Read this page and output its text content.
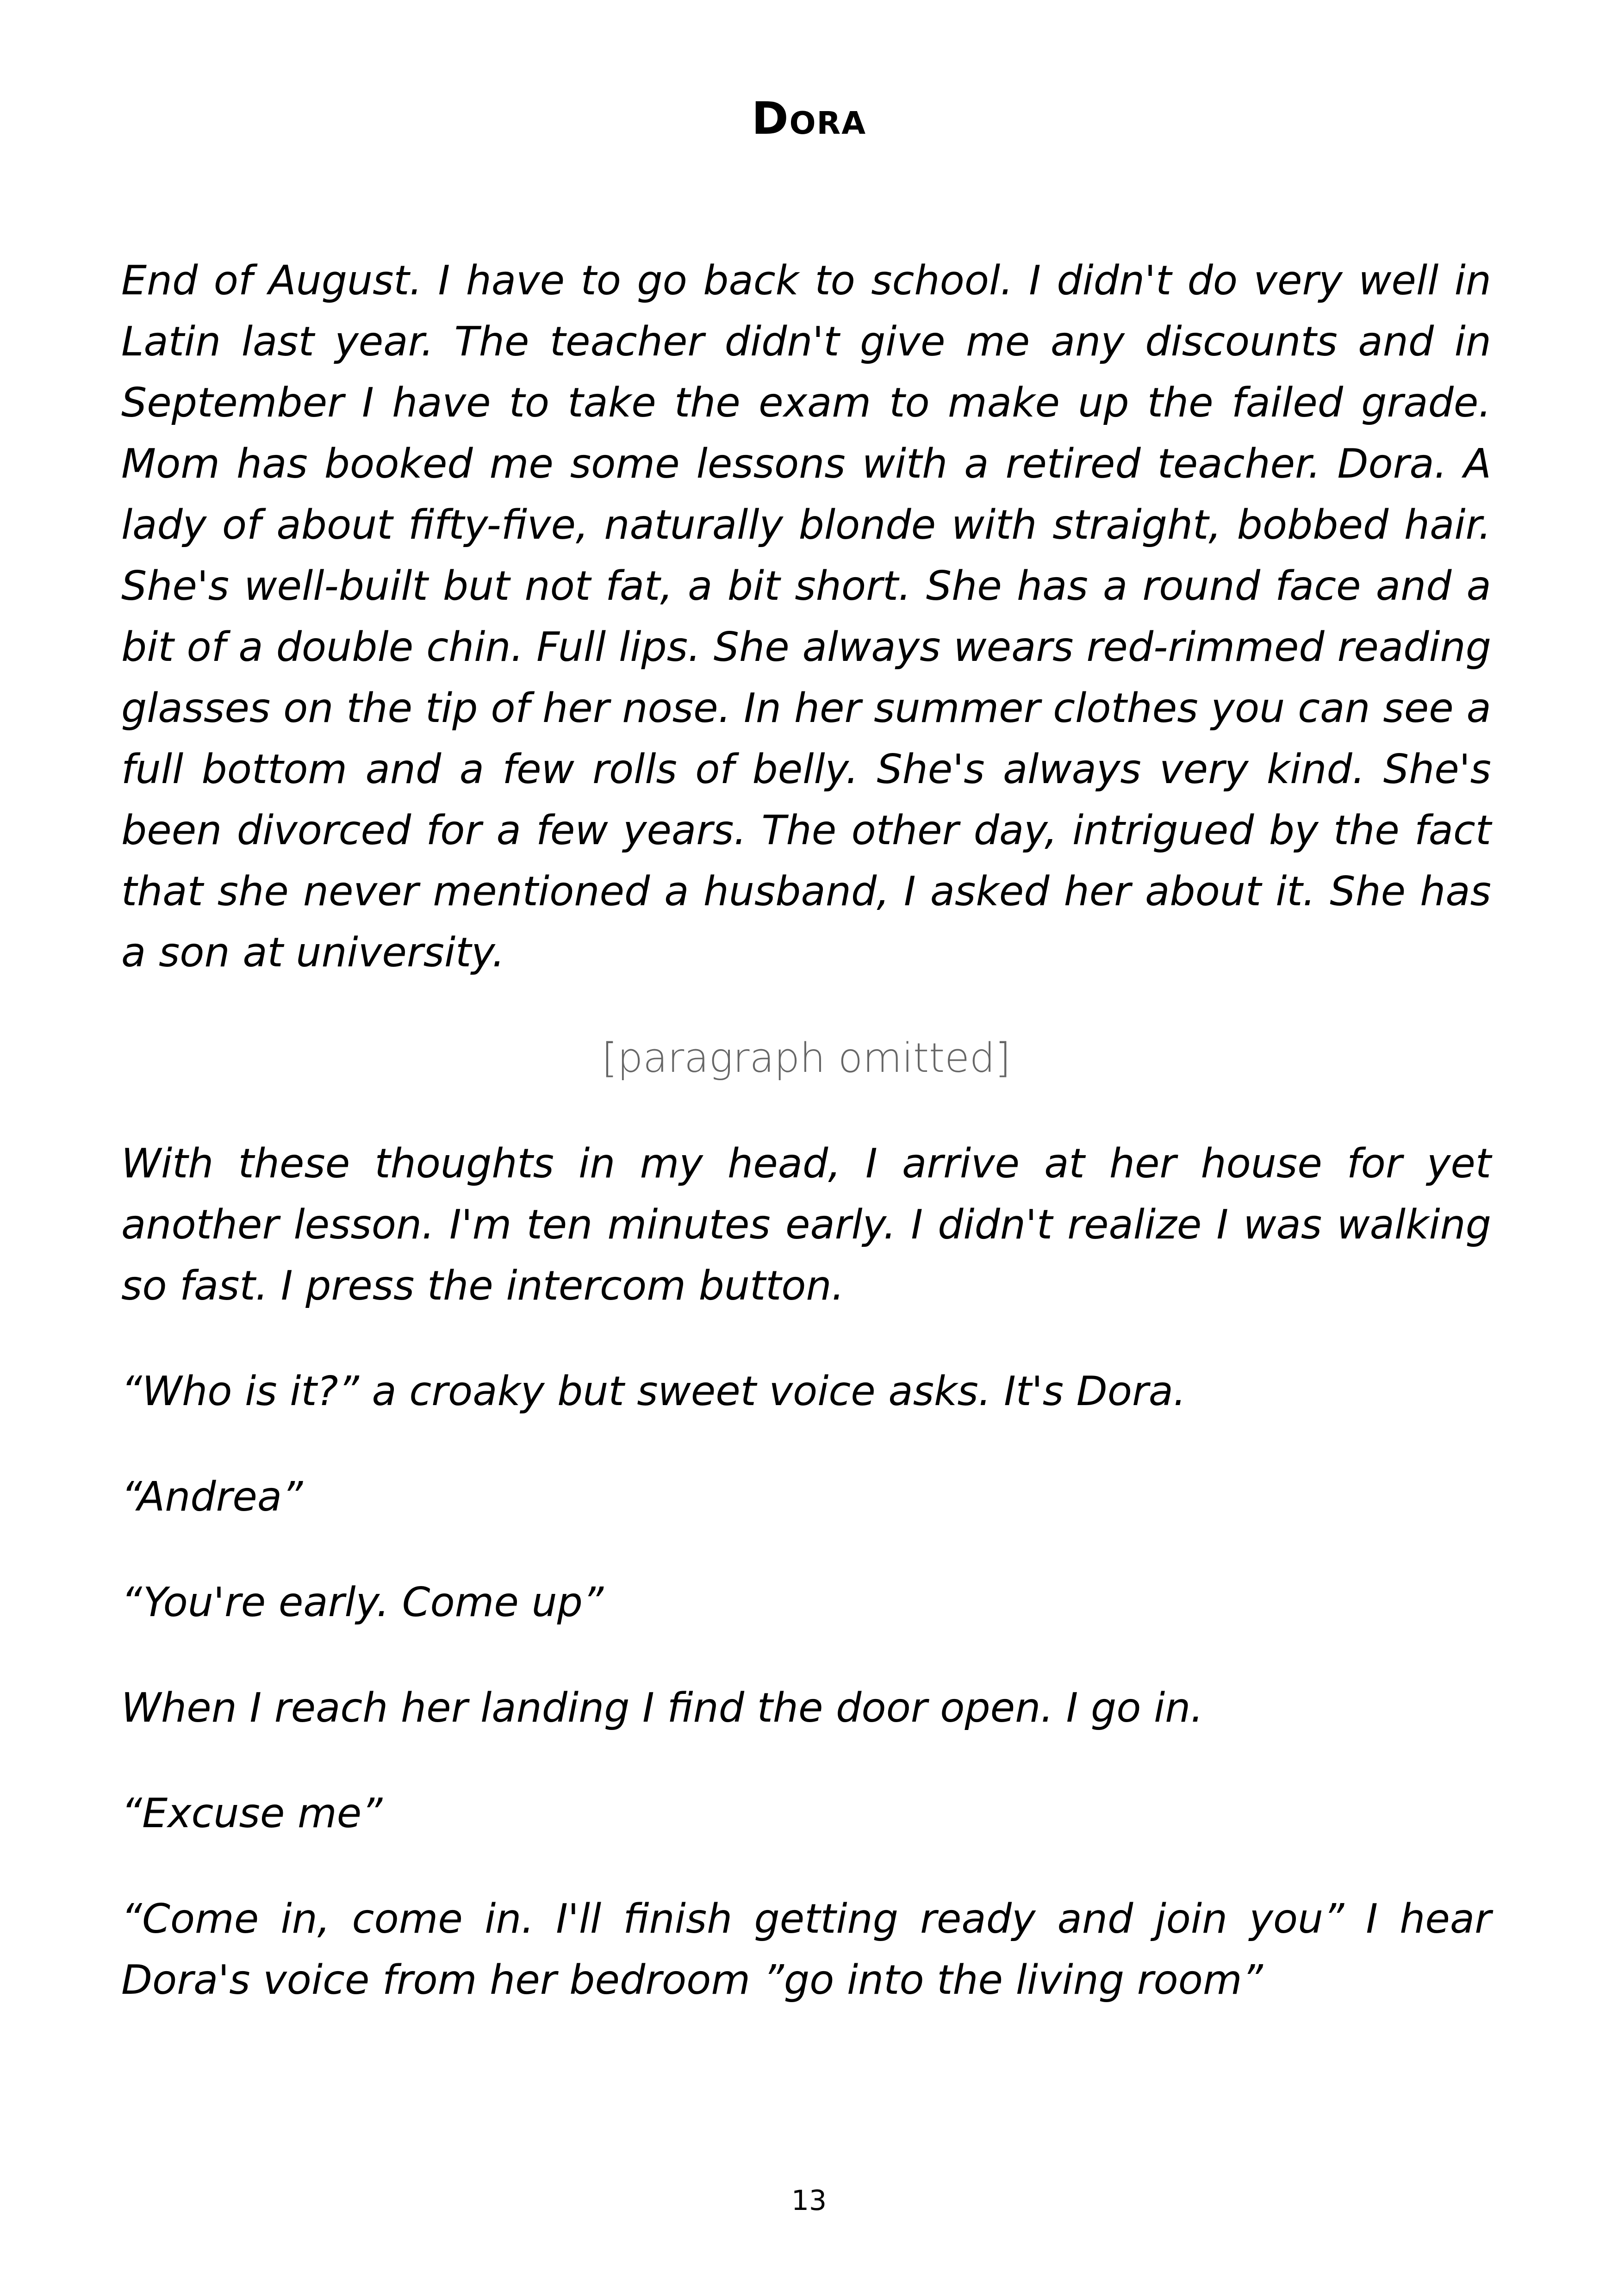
Dora

End of August. I have to go back to school. I didn't do very well in Latin last year. The teacher didn't give me any discounts and in September I have to take the exam to make up the failed grade. Mom has booked me some lessons with a retired teacher. Dora. A lady of about fifty-five, naturally blonde with straight, bobbed hair. She's well-built but not fat, a bit short. She has a round face and a bit of a double chin. Full lips. She always wears red-rimmed reading glasses on the tip of her nose. In her summer clothes you can see a full bottom and a few rolls of belly. She's always very kind. She's been divorced for a few years. The other day, intrigued by the fact that she never mentioned a husband, I asked her about it. She has a son at university.

[paragraph omitted]

With these thoughts in my head, I arrive at her house for yet another lesson. I'm ten minutes early. I didn't realize I was walking so fast. I press the intercom button.

“Who is it?” a croaky but sweet voice asks. It's Dora.

“Andrea”

“You're early. Come up”

When I reach her landing I find the door open. I go in.

“Excuse me”

“Come in, come in. I'll finish getting ready and join you” I hear Dora's voice from her bedroom ”go into the living room”

13
